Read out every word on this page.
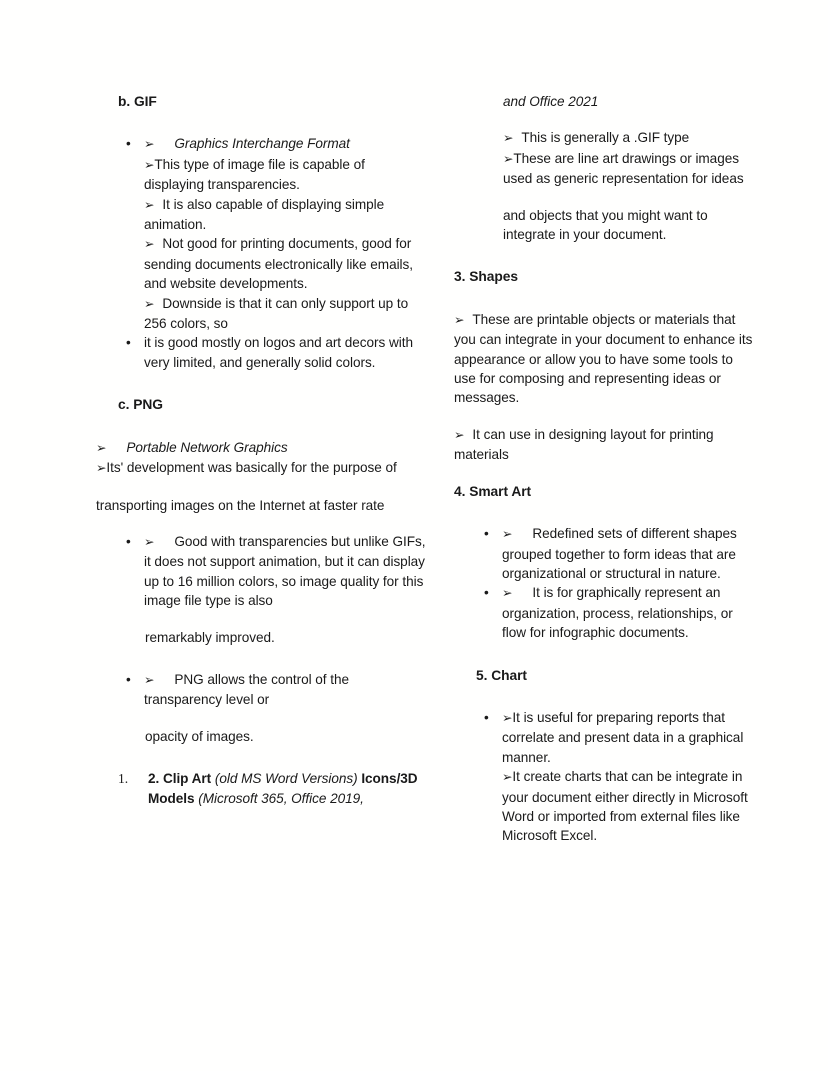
b. GIF
•	➢ Graphics Interchange Format
➢This type of image file is capable of displaying transparencies.
➢ It is also capable of displaying simple animation.
➢ Not good for printing documents, good for sending documents electronically like emails, and website developments.
➢ Downside is that it can only support up to 256 colors, so
• it is good mostly on logos and art decors with very limited, and generally solid colors.
c. PNG
➢ Portable Network Graphics
➢Its' development was basically for the purpose of
transporting images on the Internet at faster rate
•	➢ Good with transparencies but unlike GIFs, it does not support animation, but it can display up to 16 million colors, so image quality for this image file type is also
remarkably improved.
•	➢ PNG allows the control of the transparency level or
opacity of images.
1. 2. Clip Art (old MS Word Versions) Icons/3D Models (Microsoft 365, Office 2019,
and Office 2021
➢ This is generally a .GIF type
➢These are line art drawings or images used as generic representation for ideas
and objects that you might want to integrate in your document.
3. Shapes
➢ These are printable objects or materials that you can integrate in your document to enhance its appearance or allow you to have some tools to use for composing and representing ideas or messages.
➢ It can use in designing layout for printing materials
4. Smart Art
•	➢ Redefined sets of different shapes grouped together to form ideas that are organizational or structural in nature.
•	➢ It is for graphically represent an organization, process, relationships, or flow for infographic documents.
5. Chart
•	➢It is useful for preparing reports that correlate and present data in a graphical manner.
➢It create charts that can be integrate in your document either directly in Microsoft Word or imported from external files like Microsoft Excel.
